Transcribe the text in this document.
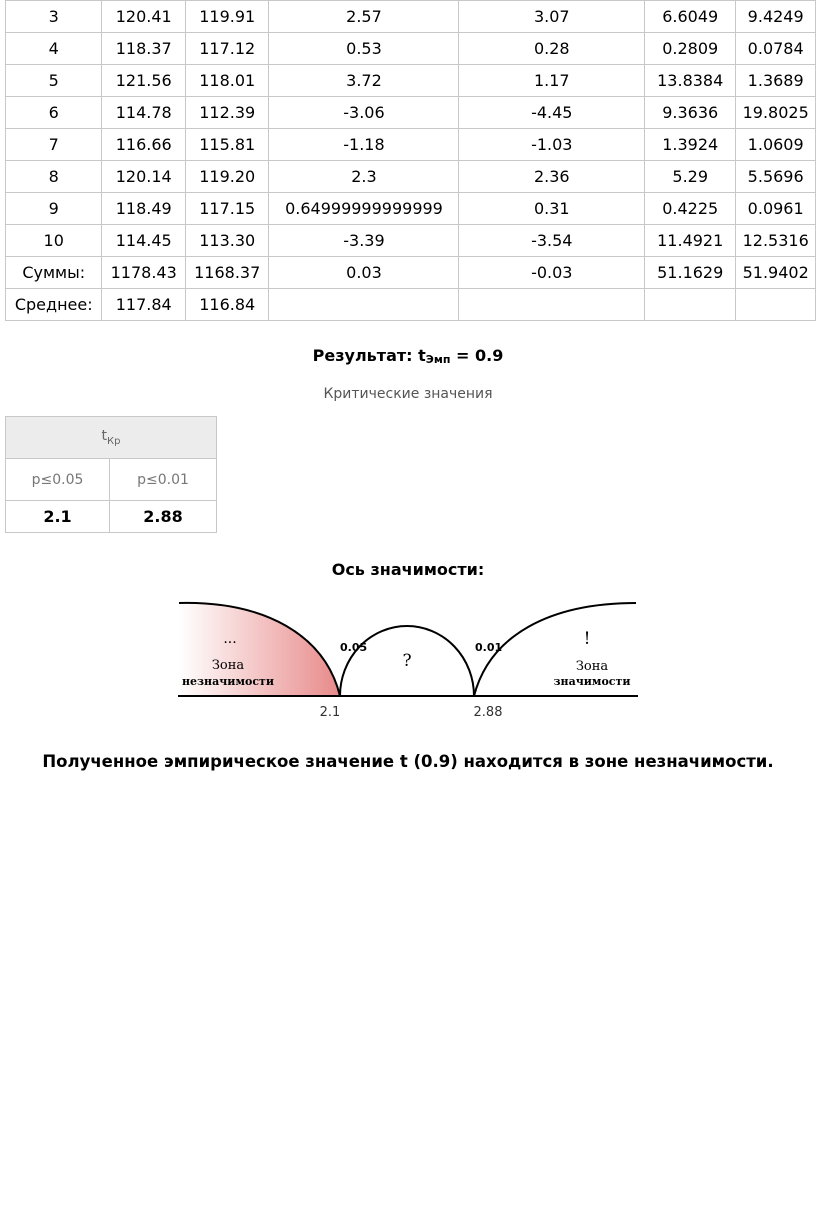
3	120.41	119.91	2.57	3.07	6.6049	9.4249
4	118.37	117.12	0.53	0.28	0.2809	0.0784
5	121.56	118.01	3.72	1.17	13.8384	1.3689
6	114.78	112.39	-3.06	-4.45	9.3636	19.8025
7	116.66	115.81	-1.18	-1.03	1.3924	1.0609
8	120.14	119.20	2.3	2.36	5.29	5.5696
9	118.49	117.15	0.64999999999999	0.31	0.4225	0.0961
10	114.45	113.30	-3.39	-3.54	11.4921	12.5316
Суммы:	1178.43	1168.37	0.03	-0.03	51.1629	51.9402
Среднее:	117.84	116.84				
Результат: $t_{Эмп} = 0.9$
Критические значения
$t_{Кр}$
p≤0.05	p≤0.01
2.1	2.88
Ось значимости:
...
Зона
незначимости
0.05
?
0.01	!
Зона
значимости
2.1	2.88
Полученное эмпирическое значение t (0.9) находится в зоне незначимости.
